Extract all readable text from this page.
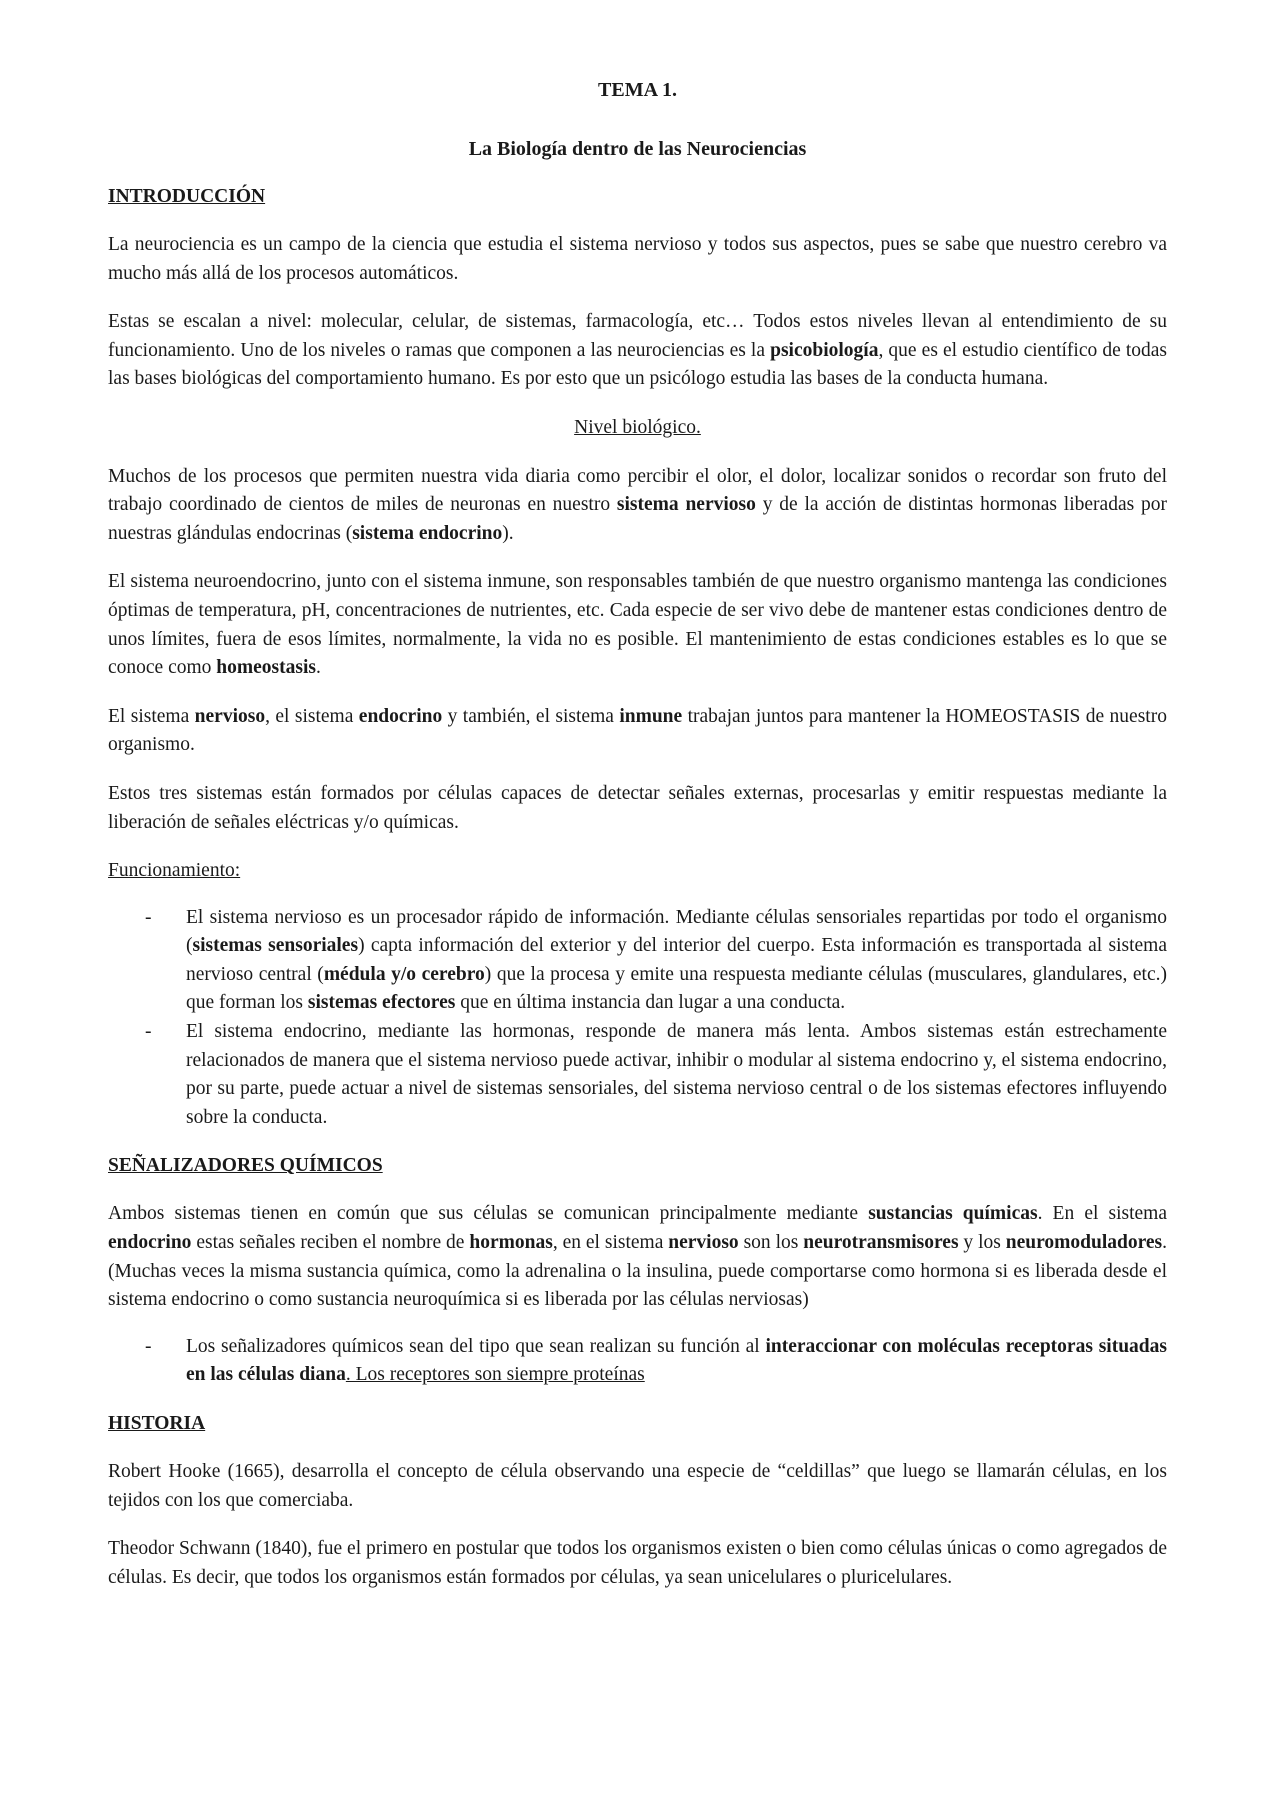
TEMA 1.
La Biología dentro de las Neurociencias
INTRODUCCIÓN

La neurociencia es un campo de la ciencia que estudia el sistema nervioso y todos sus aspectos, pues se sabe que nuestro cerebro va mucho más allá de los procesos automáticos.

Estas se escalan a nivel: molecular, celular, de sistemas, farmacología, etc… Todos estos niveles llevan al entendimiento de su funcionamiento. Uno de los niveles o ramas que componen a las neurociencias es la psicobiología, que es el estudio científico de todas las bases biológicas del comportamiento humano. Es por esto que un psicólogo estudia las bases de la conducta humana.

Nivel biológico.

Muchos de los procesos que permiten nuestra vida diaria como percibir el olor, el dolor, localizar sonidos o recordar son fruto del trabajo coordinado de cientos de miles de neuronas en nuestro sistema nervioso y de la acción de distintas hormonas liberadas por nuestras glándulas endocrinas (sistema endocrino).

El sistema neuroendocrino, junto con el sistema inmune, son responsables también de que nuestro organismo mantenga las condiciones óptimas de temperatura, pH, concentraciones de nutrientes, etc. Cada especie de ser vivo debe de mantener estas condiciones dentro de unos límites, fuera de esos límites, normalmente, la vida no es posible. El mantenimiento de estas condiciones estables es lo que se conoce como homeostasis.

El sistema nervioso, el sistema endocrino y también, el sistema inmune trabajan juntos para mantener la HOMEOSTASIS de nuestro organismo.

Estos tres sistemas están formados por células capaces de detectar señales externas, procesarlas y emitir respuestas mediante la liberación de señales eléctricas y/o químicas.

Funcionamiento:

- El sistema nervioso es un procesador rápido de información. Mediante células sensoriales repartidas por todo el organismo (sistemas sensoriales) capta información del exterior y del interior del cuerpo. Esta información es transportada al sistema nervioso central (médula y/o cerebro) que la procesa y emite una respuesta mediante células (musculares, glandulares, etc.) que forman los sistemas efectores que en última instancia dan lugar a una conducta.
- El sistema endocrino, mediante las hormonas, responde de manera más lenta. Ambos sistemas están estrechamente relacionados de manera que el sistema nervioso puede activar, inhibir o modular al sistema endocrino y, el sistema endocrino, por su parte, puede actuar a nivel de sistemas sensoriales, del sistema nervioso central o de los sistemas efectores influyendo sobre la conducta.
SEÑALIZADORES QUÍMICOS

Ambos sistemas tienen en común que sus células se comunican principalmente mediante sustancias químicas. En el sistema endocrino estas señales reciben el nombre de hormonas, en el sistema nervioso son los neurotransmisores y los neuromoduladores. (Muchas veces la misma sustancia química, como la adrenalina o la insulina, puede comportarse como hormona si es liberada desde el sistema endocrino o como sustancia neuroquímica si es liberada por las células nerviosas)

- Los señalizadores químicos sean del tipo que sean realizan su función al interaccionar con moléculas receptoras situadas en las células diana. Los receptores son siempre proteínas
HISTORIA

Robert Hooke (1665), desarrolla el concepto de célula observando una especie de “celdillas” que luego se llamarán células, en los tejidos con los que comerciaba.

Theodor Schwann (1840), fue el primero en postular que todos los organismos existen o bien como células únicas o como agregados de células. Es decir, que todos los organismos están formados por células, ya sean unicelulares o pluricelulares.
